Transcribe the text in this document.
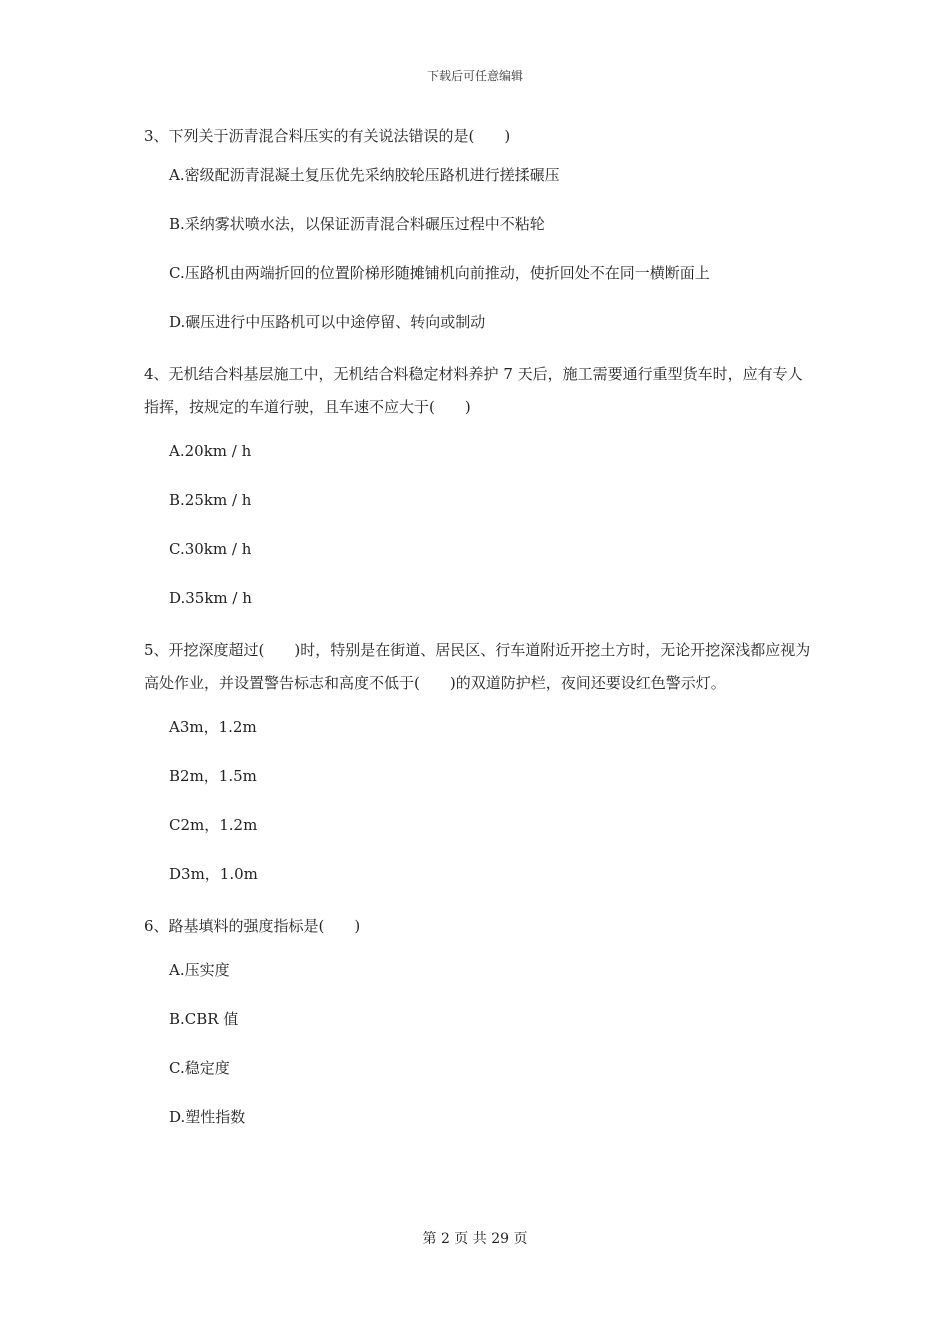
下载后可任意编辑

3、下列关于沥青混合料压实的有关说法错误的是(　　)

A.密级配沥青混凝土复压优先采纳胶轮压路机进行搓揉碾压

B.采纳雾状喷水法，以保证沥青混合料碾压过程中不粘轮

C.压路机由两端折回的位置阶梯形随摊铺机向前推动，使折回处不在同一横断面上

D.碾压进行中压路机可以中途停留、转向或制动

4、无机结合料基层施工中，无机结合料稳定材料养护 7 天后，施工需要通行重型货车时，应有专人指挥，按规定的车道行驶，且车速不应大于(　　)

A.20km / h

B.25km / h

C.30km / h

D.35km / h

5、开挖深度超过(　　)时，特别是在街道、居民区、行车道附近开挖土方时，无论开挖深浅都应视为高处作业，并设置警告标志和高度不低于(　　)的双道防护栏，夜间还要设红色警示灯。

A3m，1.2m

B2m，1.5m

C2m，1.2m

D3m，1.0m

6、路基填料的强度指标是(　　)

A.压实度

B.CBR 值

C.稳定度

D.塑性指数

第 2 页 共 29 页
